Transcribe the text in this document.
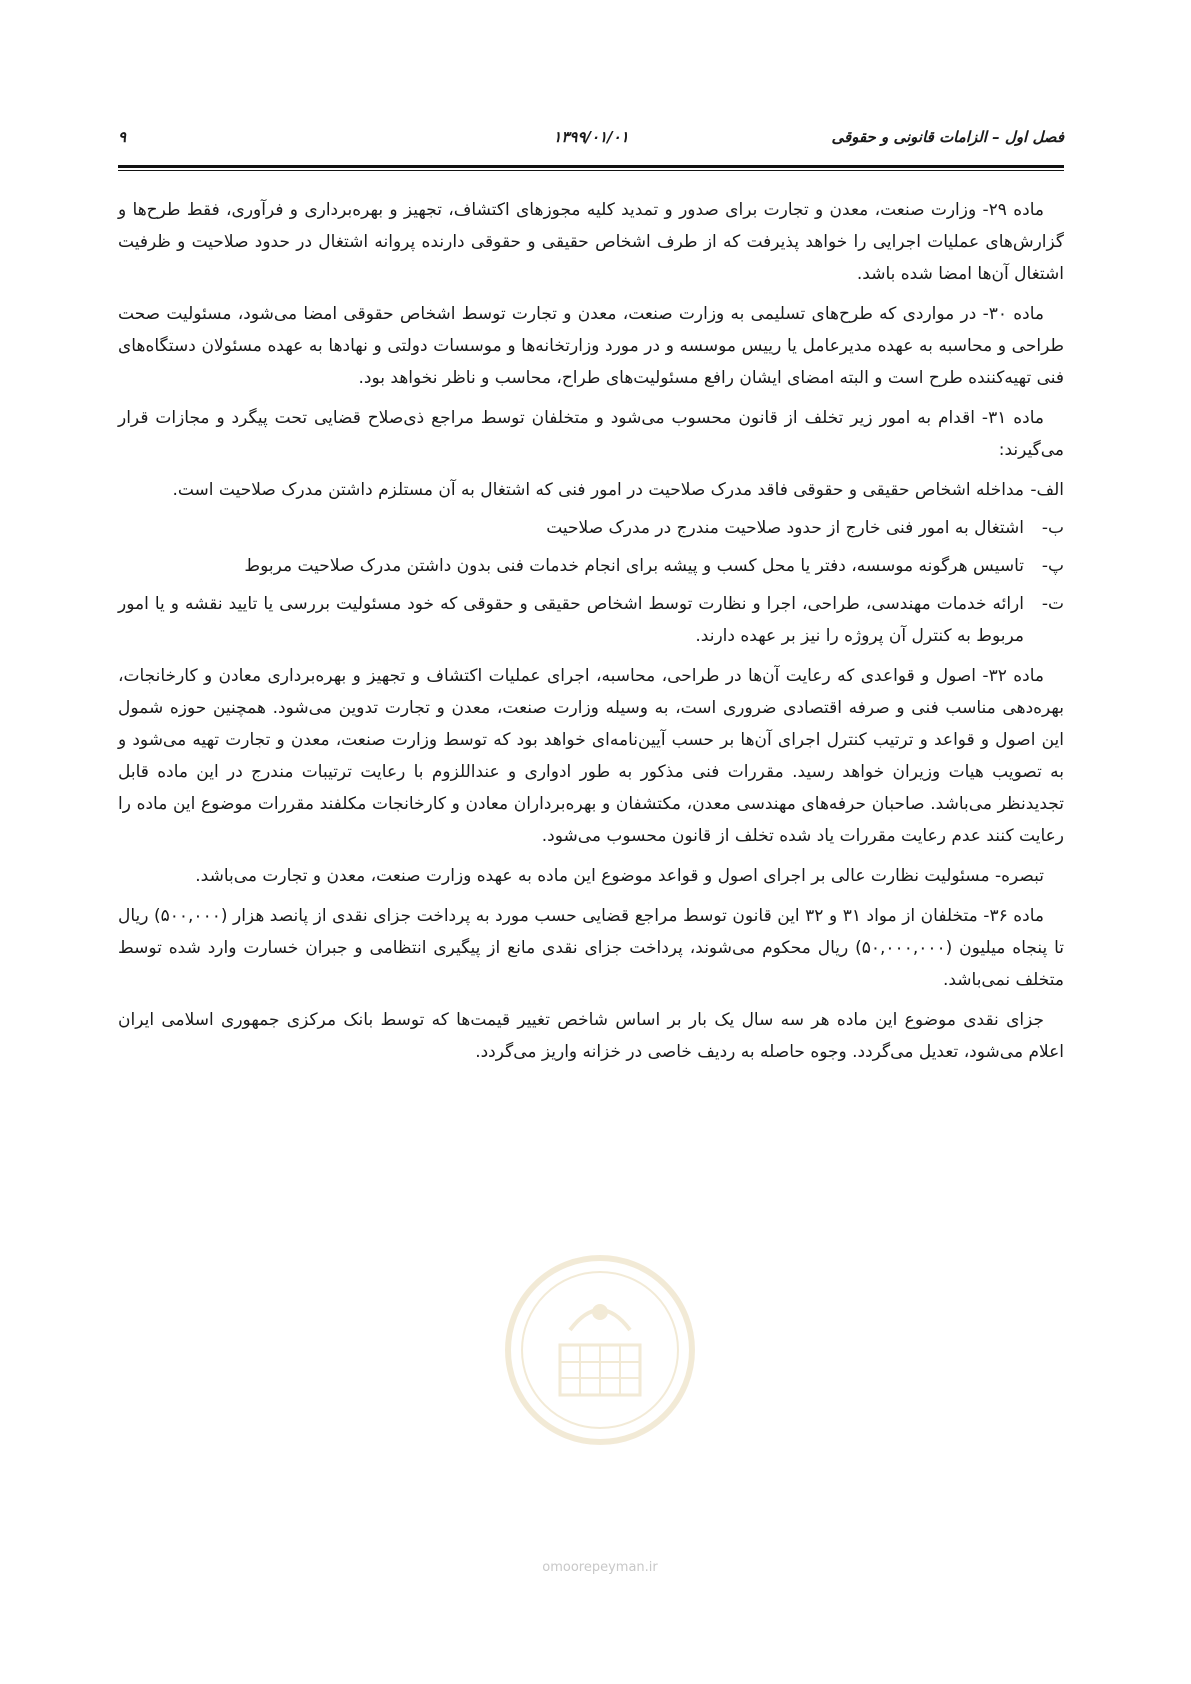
فصل اول – الزامات قانونی و حقوقی
۱۳۹۹/۰۱/۰۱
۹

ماده ۲۹- وزارت صنعت، معدن و تجارت برای صدور و تمدید کلیه مجوزهای اکتشاف، تجهیز و بهره‌برداری و فرآوری، فقط طرح‌ها و گزارش‌های عملیات اجرایی را خواهد پذیرفت که از طرف اشخاص حقیقی و حقوقی دارنده پروانه اشتغال در حدود صلاحیت و ظرفیت اشتغال آن‌ها امضا شده باشد.

ماده ۳۰- در مواردی که طرح‌های تسلیمی به وزارت صنعت، معدن و تجارت توسط اشخاص حقوقی امضا می‌شود، مسئولیت صحت طراحی و محاسبه به عهده مدیرعامل یا رییس موسسه و در مورد وزارتخانه‌ها و موسسات دولتی و نهادها به عهده مسئولان دستگاه‌های فنی تهیه‌کننده طرح است و البته امضای ایشان رافع مسئولیت‌های طراح، محاسب و ناظر نخواهد بود.

ماده ۳۱- اقدام به امور زیر تخلف از قانون محسوب می‌شود و متخلفان توسط مراجع ذی‌صلاح قضایی تحت پیگرد و مجازات قرار می‌گیرند:

الف-
مداخله اشخاص حقیقی و حقوقی فاقد مدرک صلاحیت در امور فنی که اشتغال به آن مستلزم داشتن مدرک صلاحیت است.
ب-
اشتغال به امور فنی خارج از حدود صلاحیت مندرج در مدرک صلاحیت
پ-
تاسیس هرگونه موسسه، دفتر یا محل کسب و پیشه برای انجام خدمات فنی بدون داشتن مدرک صلاحیت مربوط
ت-
ارائه خدمات مهندسی، طراحی، اجرا و نظارت توسط اشخاص حقیقی و حقوقی که خود مسئولیت بررسی یا تایید نقشه و یا امور مربوط به کنترل آن پروژه را نیز بر عهده دارند.

ماده ۳۲- اصول و قواعدی که رعایت آن‌ها در طراحی، محاسبه، اجرای عملیات اکتشاف و تجهیز و بهره‌برداری معادن و کارخانجات، بهره‌دهی مناسب فنی و صرفه اقتصادی ضروری است، به وسیله وزارت صنعت، معدن و تجارت تدوین می‌شود. همچنین حوزه شمول این اصول و قواعد و ترتیب کنترل اجرای آن‌ها بر حسب آیین‌نامه‌ای خواهد بود که توسط وزارت صنعت، معدن و تجارت تهیه می‌شود و به تصویب هیات وزیران خواهد رسید. مقررات فنی مذکور به طور ادواری و عنداللزوم با رعایت ترتیبات مندرج در این ماده قابل تجدیدنظر می‌باشد. صاحبان حرفه‌های مهندسی معدن، مکتشفان و بهره‌برداران معادن و کارخانجات مکلفند مقررات موضوع این ماده را رعایت کنند عدم رعایت مقررات یاد شده تخلف از قانون محسوب می‌شود.

تبصره- مسئولیت نظارت عالی بر اجرای اصول و قواعد موضوع این ماده به عهده وزارت صنعت، معدن و تجارت می‌باشد.

ماده ۳۶- متخلفان از مواد ۳۱ و ۳۲ این قانون توسط مراجع قضایی حسب مورد به پرداخت جزای نقدی از پانصد هزار (۵۰۰,۰۰۰) ریال تا پنجاه میلیون (۵۰,۰۰۰,۰۰۰) ریال محکوم می‌شوند، پرداخت جزای نقدی مانع از پیگیری انتظامی و جبران خسارت وارد شده توسط متخلف نمی‌باشد.

جزای نقدی موضوع این ماده هر سه سال یک بار بر اساس شاخص تغییر قیمت‌ها که توسط بانک مرکزی جمهوری اسلامی ایران اعلام می‌شود، تعدیل می‌گردد. وجوه حاصله به ردیف خاصی در خزانه واریز می‌گردد.

omoorepeyman.ir
